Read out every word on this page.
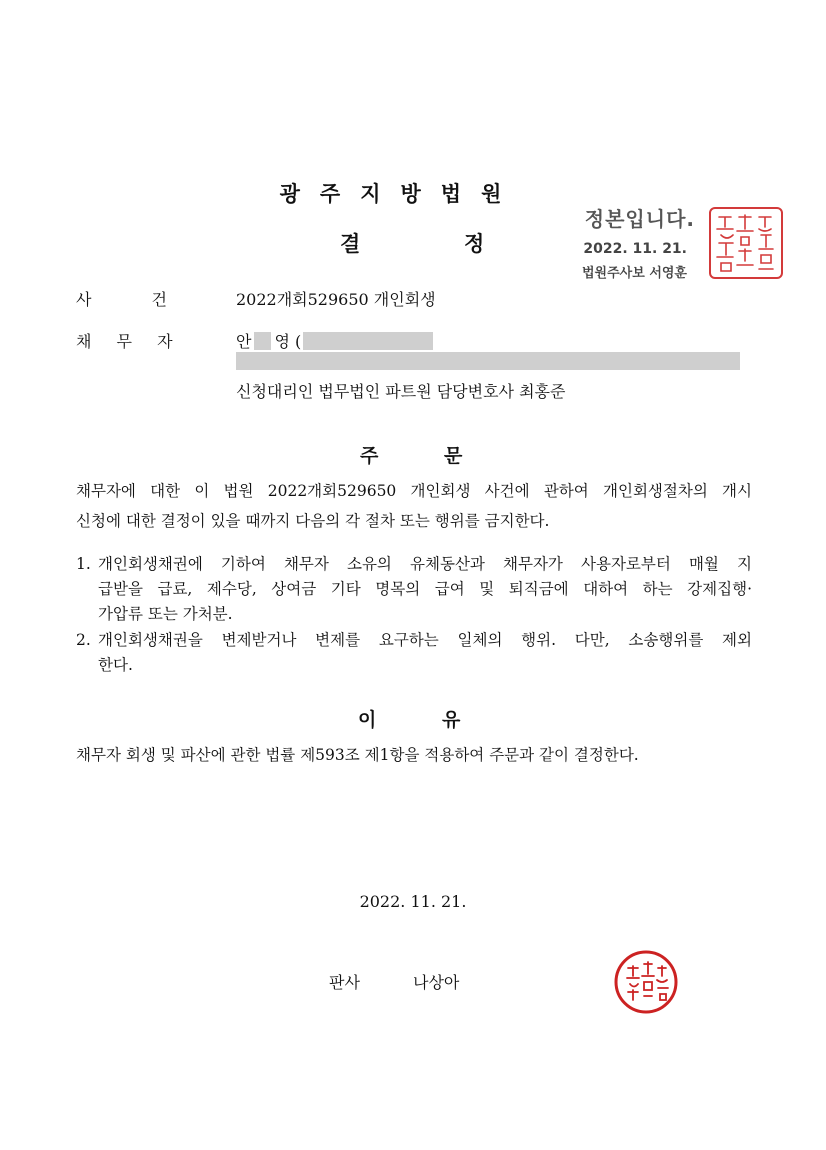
광주지방법원
결	정
정본입니다.
2022. 11. 21.
법원주사보 서영훈
사 건	2022개회529650 개인회생
채 무 자	안 영 (
신청대리인 법무법인 파트원 담당변호사 최홍준
주	문
채무자에 대한 이 법원 2022개회529650 개인회생 사건에 관하여 개인회생절차의 개시
신청에 대한 결정이 있을 때까지 다음의 각 절차 또는 행위를 금지한다.
1. 개인회생채권에 기하여 채무자 소유의 유체동산과 채무자가 사용자로부터 매월 지
급받을 급료, 제수당, 상여금 기타 명목의 급여 및 퇴직금에 대하여 하는 강제집행·
가압류 또는 가처분.
2. 개인회생채권을 변제받거나 변제를 요구하는 일체의 행위. 다만, 소송행위를 제외
한다.
이	유
채무자 회생 및 파산에 관한 법률 제593조 제1항을 적용하여 주문과 같이 결정한다.
2022. 11. 21.
판사	나상아
